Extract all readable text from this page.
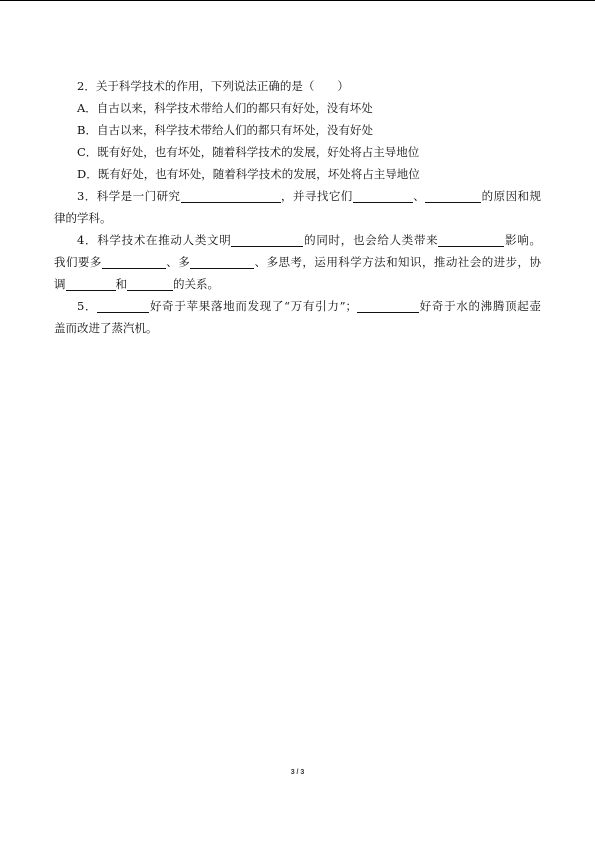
2．关于科学技术的作用，下列说法正确的是（　　）
A．自古以来，科学技术带给人们的都只有好处，没有坏处
B．自古以来，科学技术带给人们的都只有坏处，没有好处
C．既有好处，也有坏处，随着科学技术的发展，好处将占主导地位
D．既有好处，也有坏处，随着科学技术的发展，坏处将占主导地位
3．科学是一门研究	，并寻找它们	、	的原因和规
律的学科。
4．科学技术在推动人类文明	的同时，也会给人类带来	影响。
我们要多	、多	、多思考，运用科学方法和知识，推动社会的进步，协
调	和	的关系。
5．	好奇于苹果落地而发现了“万有引力”；	好奇于水的沸腾顶起壶
盖而改进了蒸汽机。
3 / 3
